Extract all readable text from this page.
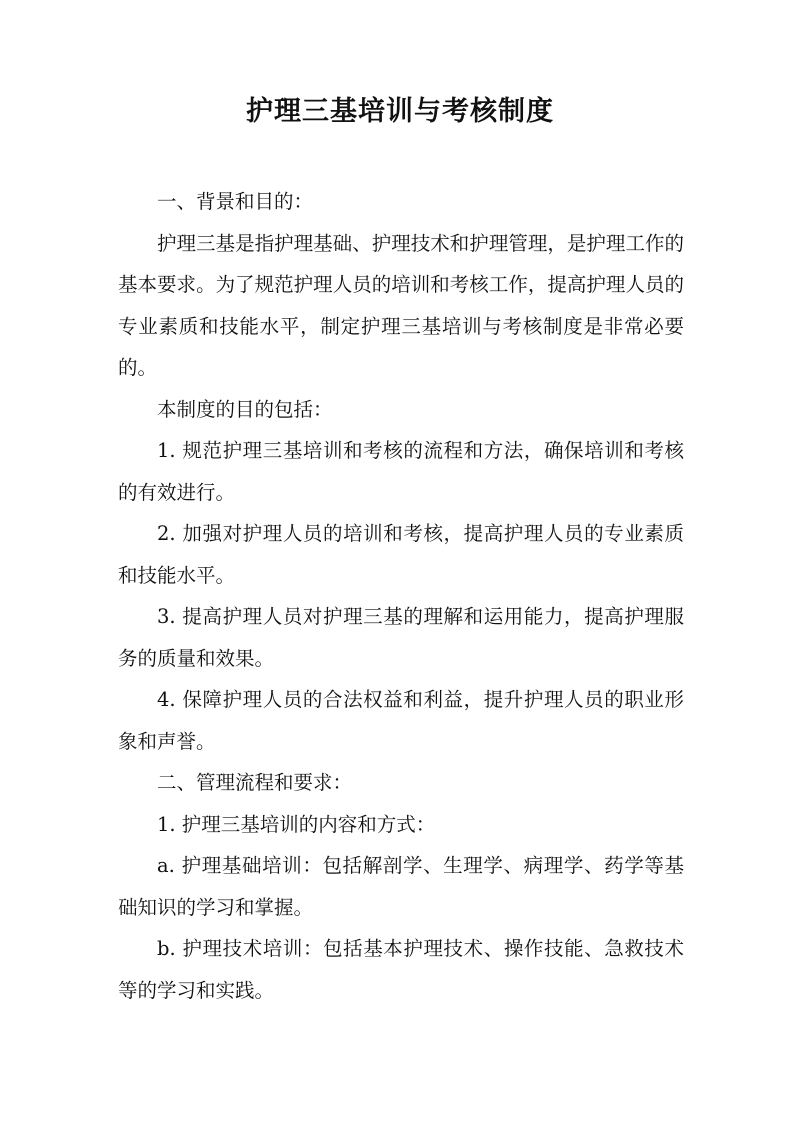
护理三基培训与考核制度

一、背景和目的：

护理三基是指护理基础、护理技术和护理管理，是护理工作的基本要求。为了规范护理人员的培训和考核工作，提高护理人员的专业素质和技能水平，制定护理三基培训与考核制度是非常必要的。

本制度的目的包括：

1. 规范护理三基培训和考核的流程和方法，确保培训和考核的有效进行。

2. 加强对护理人员的培训和考核，提高护理人员的专业素质和技能水平。

3. 提高护理人员对护理三基的理解和运用能力，提高护理服务的质量和效果。

4. 保障护理人员的合法权益和利益，提升护理人员的职业形象和声誉。

二、管理流程和要求：

1. 护理三基培训的内容和方式：

a. 护理基础培训：包括解剖学、生理学、病理学、药学等基础知识的学习和掌握。

b. 护理技术培训：包括基本护理技术、操作技能、急救技术等的学习和实践。
